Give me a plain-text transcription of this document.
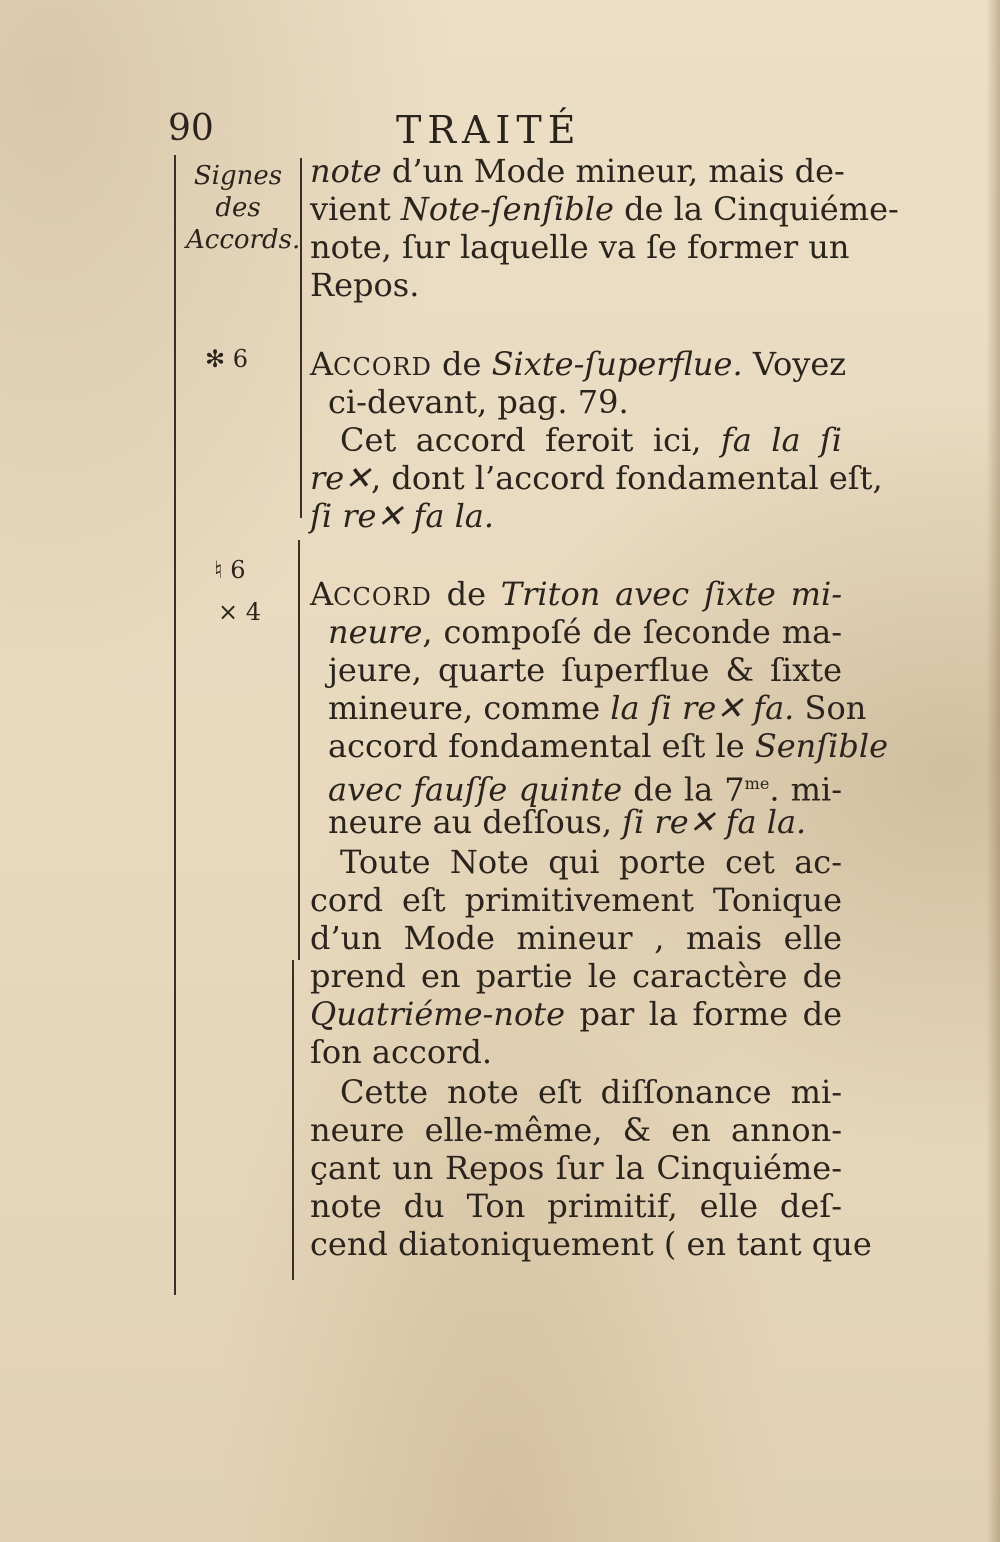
90	TRAITÉ
Signes
des
Accords.
✻ 6
♮ 6
× 4
note d’un Mode mineur, mais de-
vient Note-ſenſible de la Cinquiéme-
note, ſur laquelle va ſe former un
Repos.
ACCORD de Sixte-ſuperflue. Voyez
ci-devant, pag. 79.
Cet accord feroit ici, fa la ſi
re✕, dont l’accord fondamental eſt,
ſi re✕ fa la.
ACCORD de Triton avec ſixte mi-
neure, compoſé de ſeconde ma-
jeure, quarte ſuperflue & ſixte
mineure, comme la ſi re✕ fa. Son
accord fondamental eſt le Senſible
avec fauſſe quinte de la $7^{me}$. mi-
neure au deſſous, ſi re✕ fa la.
Toute Note qui porte cet ac-
cord eſt primitivement Tonique
d’un Mode mineur , mais elle
prend en partie le caractère de
Quatriéme-note par la forme de
ſon accord.
Cette note eſt diſſonance mi-
neure elle-même, & en annon-
çant un Repos ſur la Cinquiéme-
note du Ton primitif, elle deſ-
cend diatoniquement ( en tant que
